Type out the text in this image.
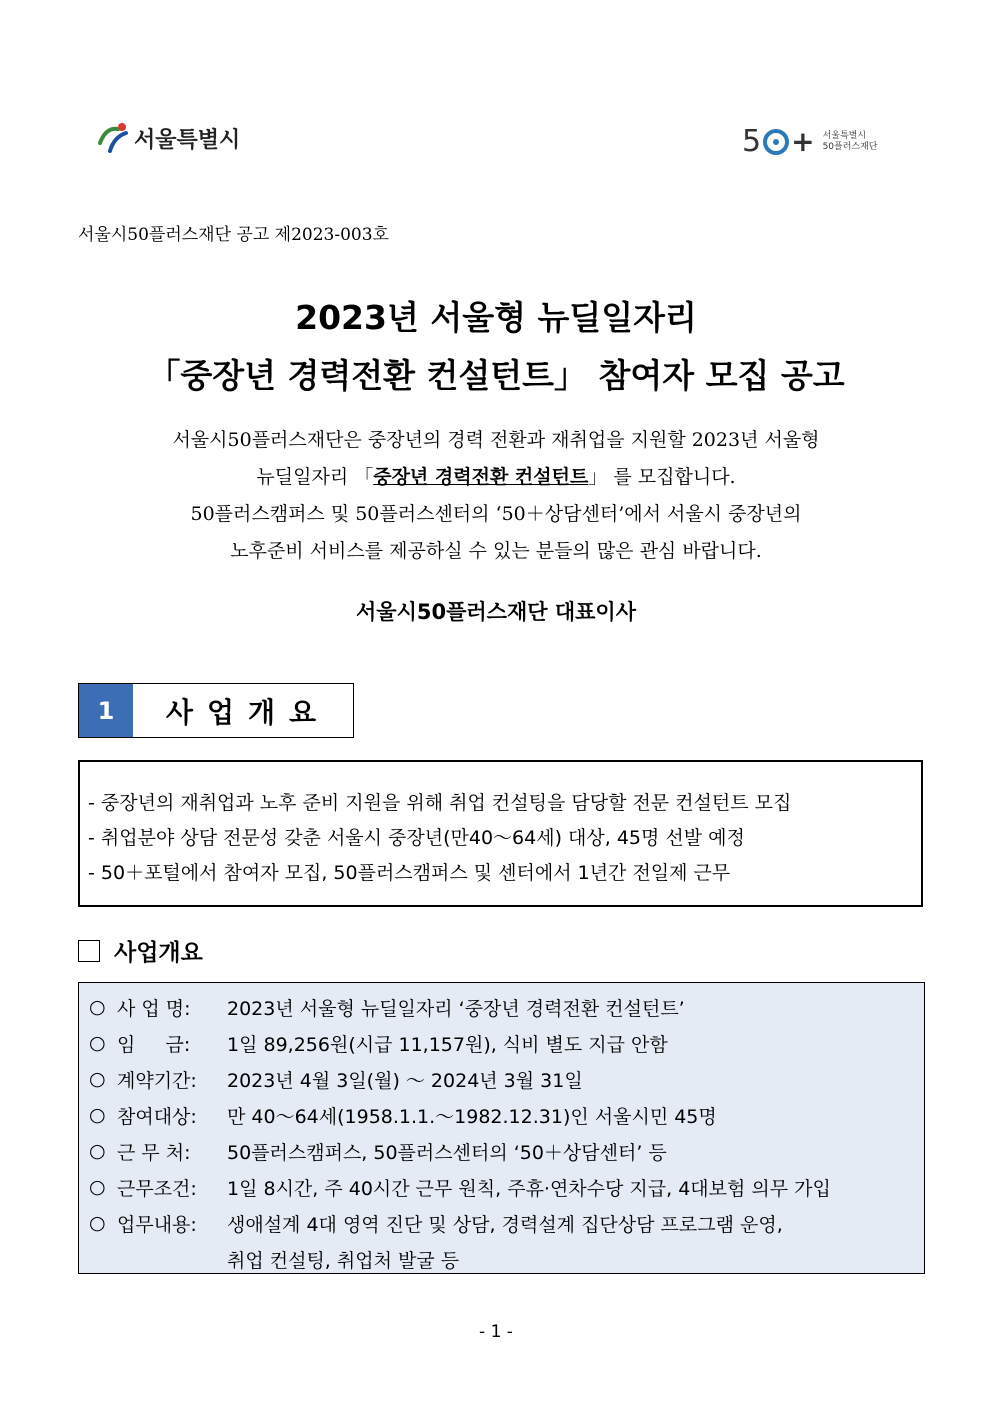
서울특별시	5 + 서울특별시
50플러스재단
서울시50플러스재단 공고 제2023-003호
2023년 서울형 뉴딜일자리
「중장년 경력전환 컨설턴트」 참여자 모집 공고
서울시50플러스재단은 중장년의 경력 전환과 재취업을 지원할 2023년 서울형
뉴딜일자리 「중장년 경력전환 컨설턴트」 를 모집합니다.
50플러스캠퍼스 및 50플러스센터의 ‘50＋상담센터’에서 서울시 중장년의
노후준비 서비스를 제공하실 수 있는 분들의 많은 관심 바랍니다.
서울시50플러스재단 대표이사
1	사업개요
- 중장년의 재취업과 노후 준비 지원을 위해 취업 컨설팅을 담당할 전문 컨설턴트 모집
- 취업분야 상담 전문성 갖춘 서울시 중장년(만40～64세) 대상, 45명 선발 예정
- 50＋포털에서 참여자 모집, 50플러스캠퍼스 및 센터에서 1년간 전일제 근무
사업개요
○ 사 업 명:	2023년 서울형 뉴딜일자리 ‘중장년 경력전환 컨설턴트’
○ 임     금:	1일 89,256원(시급 11,157원), 식비 별도 지급 안함
○ 계약기간:	2023년 4월 3일(월) ～ 2024년 3월 31일
○ 참여대상:	만 40～64세(1958.1.1.～1982.12.31)인 서울시민 45명
○ 근 무 처:	50플러스캠퍼스, 50플러스센터의 ‘50＋상담센터’ 등
○ 근무조건:	1일 8시간, 주 40시간 근무 원칙, 주휴·연차수당 지급, 4대보험 의무 가입
○ 업무내용:	생애설계 4대 영역 진단 및 상담, 경력설계 집단상담 프로그램 운영,
취업 컨설팅, 취업처 발굴 등
- 1 -
